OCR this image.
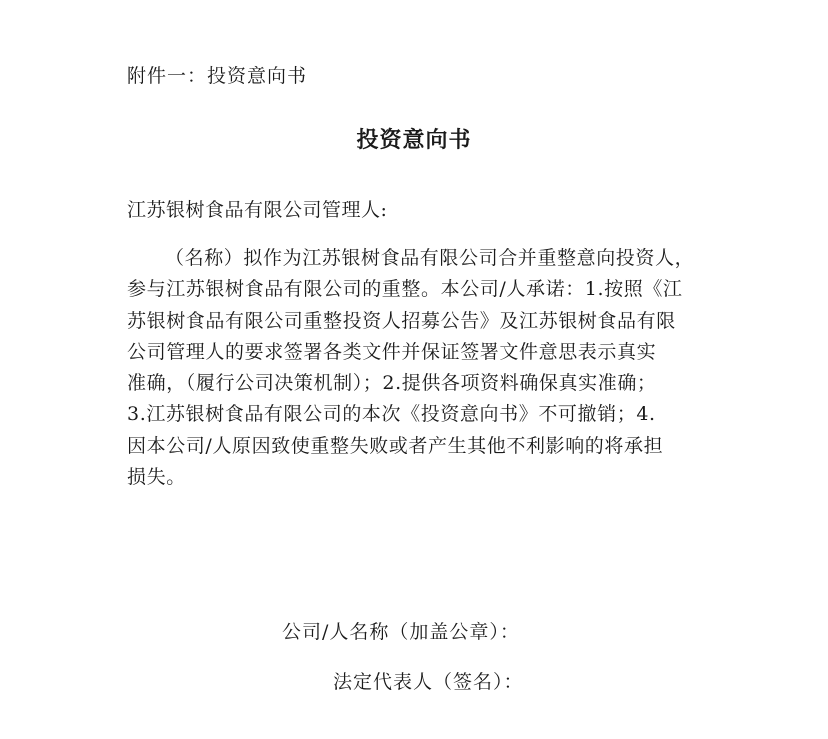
附件一：投资意向书
投资意向书
江苏银树食品有限公司管理人:
（名称）拟作为江苏银树食品有限公司合并重整意向投资人，
参与江苏银树食品有限公司的重整。本公司/人承诺：1.按照《江
苏银树食品有限公司重整投资人招募公告》及江苏银树食品有限
公司管理人的要求签署各类文件并保证签署文件意思表示真实
准确，（履行公司决策机制）；2.提供各项资料确保真实准确；
3.江苏银树食品有限公司的本次《投资意向书》不可撤销；4.
因本公司/人原因致使重整失败或者产生其他不利影响的将承担
损失。
公司/人名称（加盖公章）：
法定代表人（签名）：
